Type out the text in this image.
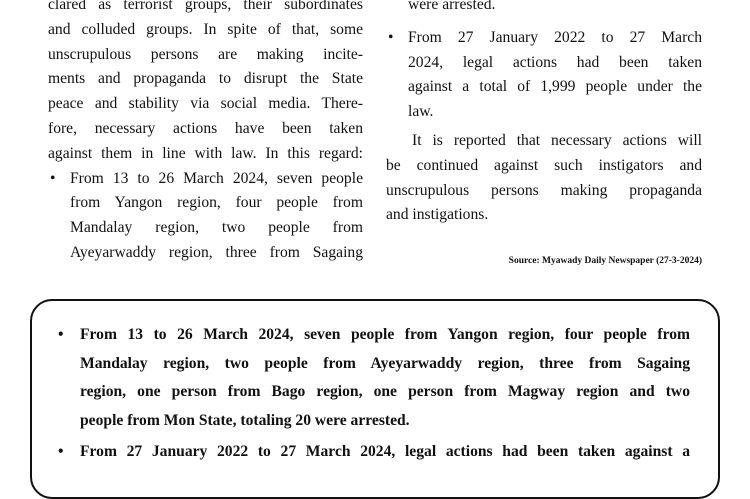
clared as terrorist groups, their subordinates
and colluded groups. In spite of that, some
unscrupulous persons are making incite-
ments and propaganda to disrupt the State
peace and stability via social media. There-
fore, necessary actions have been taken
against them in line with law. In this regard:
• From 13 to 26 March 2024, seven people
from Yangon region, four people from
Mandalay region, two people from
Ayeyarwaddy region, three from Sagaing
were arrested.
• From 27 January 2022 to 27 March
2024, legal actions had been taken
against a total of 1,999 people under the
law.
It is reported that necessary actions will
be continued against such instigators and
unscrupulous persons making propaganda
and instigations.
Source: Myawady Daily Newspaper (27-3-2024)
• From 13 to 26 March 2024, seven people from Yangon region, four people from
Mandalay region, two people from Ayeyarwaddy region, three from Sagaing
region, one person from Bago region, one person from Magway region and two
people from Mon State, totaling 20 were arrested.
• From 27 January 2022 to 27 March 2024, legal actions had been taken against a
